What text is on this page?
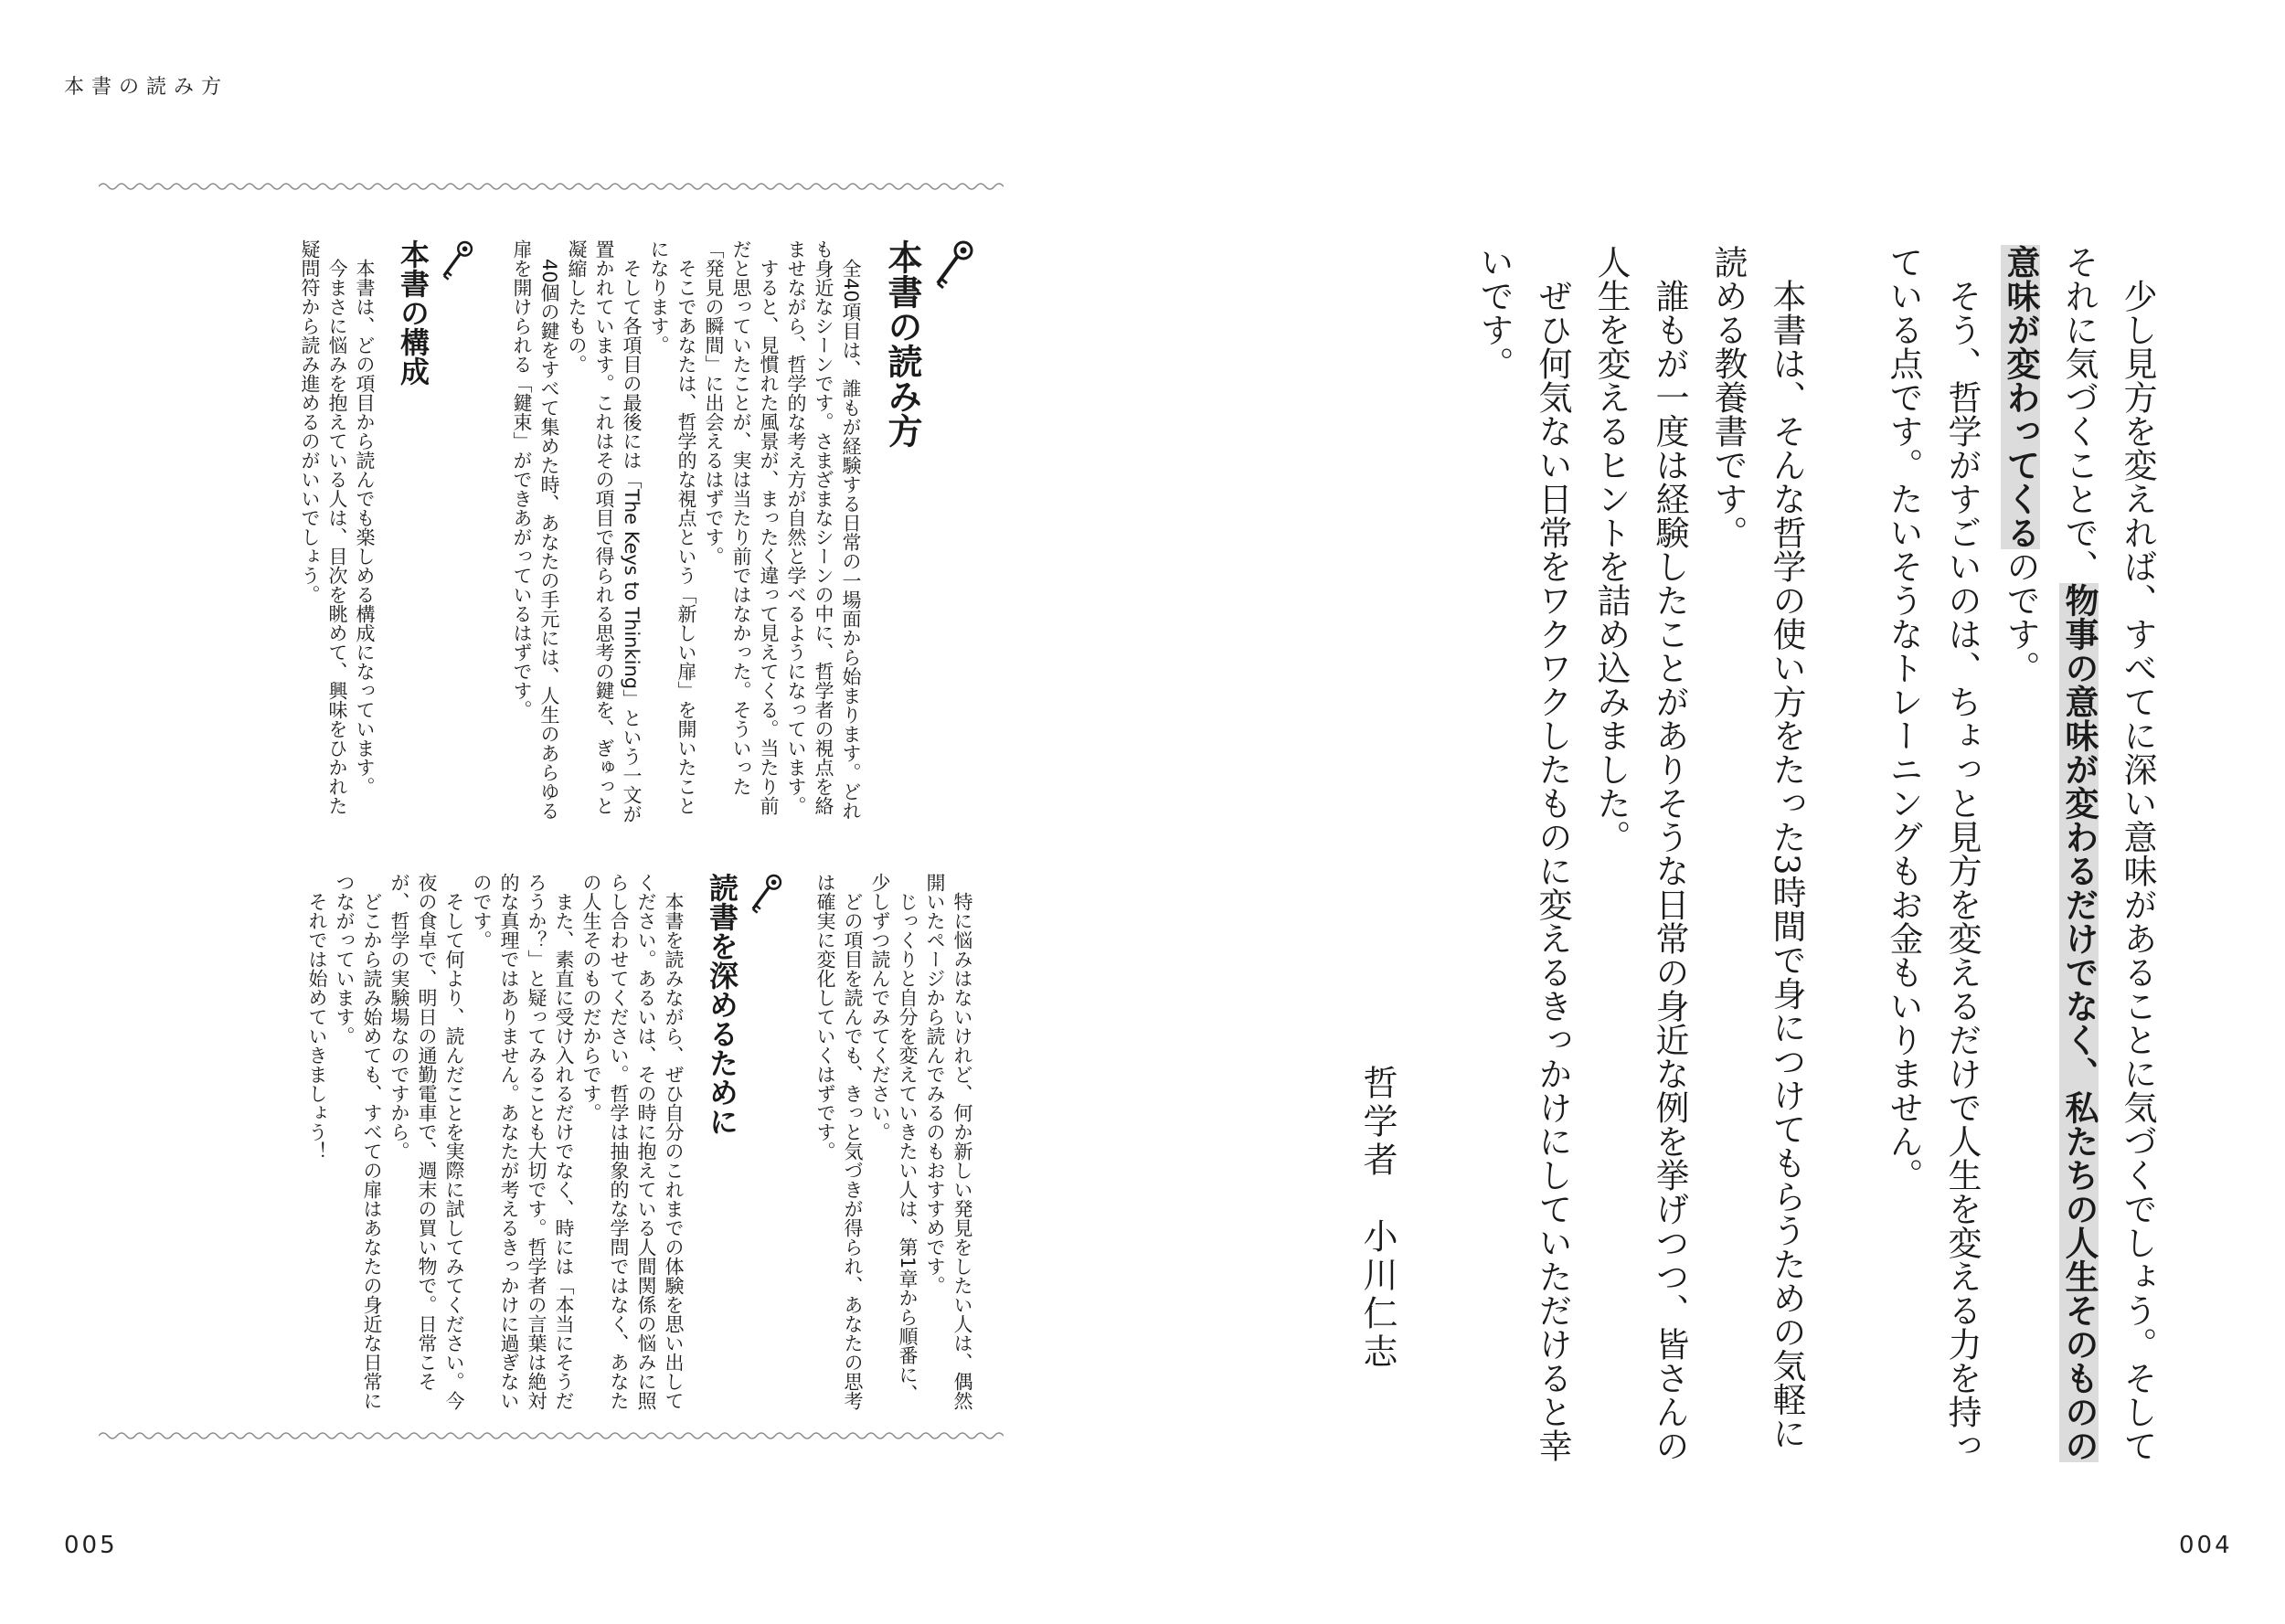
本書の読み方
005	004

少し見方を変えれば、すべてに深い意味があることに気づくでしょう。そしてそれに気づくことで、物事の意味が変わるだけでなく、私たちの人生そのものの意味が変わってくるのです。

そう、哲学がすごいのは、ちょっと見方を変えるだけで人生を変える力を持っている点です。たいそうなトレーニングもお金もいりません。

本書は、そんな哲学の使い方をたった3時間で身につけてもらうための気軽に読める教養書です。

誰もが一度は経験したことがありそうな日常の身近な例を挙げつつ、皆さんの人生を変えるヒントを詰め込みました。

ぜひ何気ない日常をワクワクしたものに変えるきっかけにしていただけると幸いです。

哲学者　小川仁志

本書の読み方

全40項目は、誰もが経験する日常の一場面から始まります。どれも身近なシーンです。さまざまなシーンの中に、哲学者の視点を絡ませながら、哲学的な考え方が自然と学べるようになっています。

すると、見慣れた風景が、まったく違って見えてくる。当たり前だと思っていたことが、実は当たり前ではなかった。そういった「発見の瞬間」に出会えるはずです。

そこであなたは、哲学的な視点という「新しい扉」を開いたことになります。

そして各項目の最後には「The Keys to Thinking」という一文が置かれています。これはその項目で得られる思考の鍵を、ぎゅっと凝縮したもの。

40個の鍵をすべて集めた時、あなたの手元には、人生のあらゆる扉を開けられる「鍵束」ができあがっているはずです。

本書の構成

本書は、どの項目から読んでも楽しめる構成になっています。

今まさに悩みを抱えている人は、目次を眺めて、興味をひかれた疑問符から読み進めるのがいいでしょう。

特に悩みはないけれど、何か新しい発見をしたい人は、偶然開いたページから読んでみるのもおすすめです。

じっくりと自分を変えていきたい人は、第1章から順番に、少しずつ読んでみてください。

どの項目を読んでも、きっと気づきが得られ、あなたの思考は確実に変化していくはずです。

読書を深めるために

本書を読みながら、ぜひ自分のこれまでの体験を思い出してください。あるいは、その時に抱えている人間関係の悩みに照らし合わせてください。哲学は抽象的な学問ではなく、あなたの人生そのものだからです。

また、素直に受け入れるだけでなく、時には「本当にそうだろうか？」と疑ってみることも大切です。哲学者の言葉は絶対的な真理ではありません。あなたが考えるきっかけに過ぎないのです。

そして何より、読んだことを実際に試してみてください。今夜の食卓で、明日の通勤電車で、週末の買い物で。日常こそが、哲学の実験場なのですから。

どこから読み始めても、すべての扉はあなたの身近な日常につながっています。

それでは始めていきましょう！
